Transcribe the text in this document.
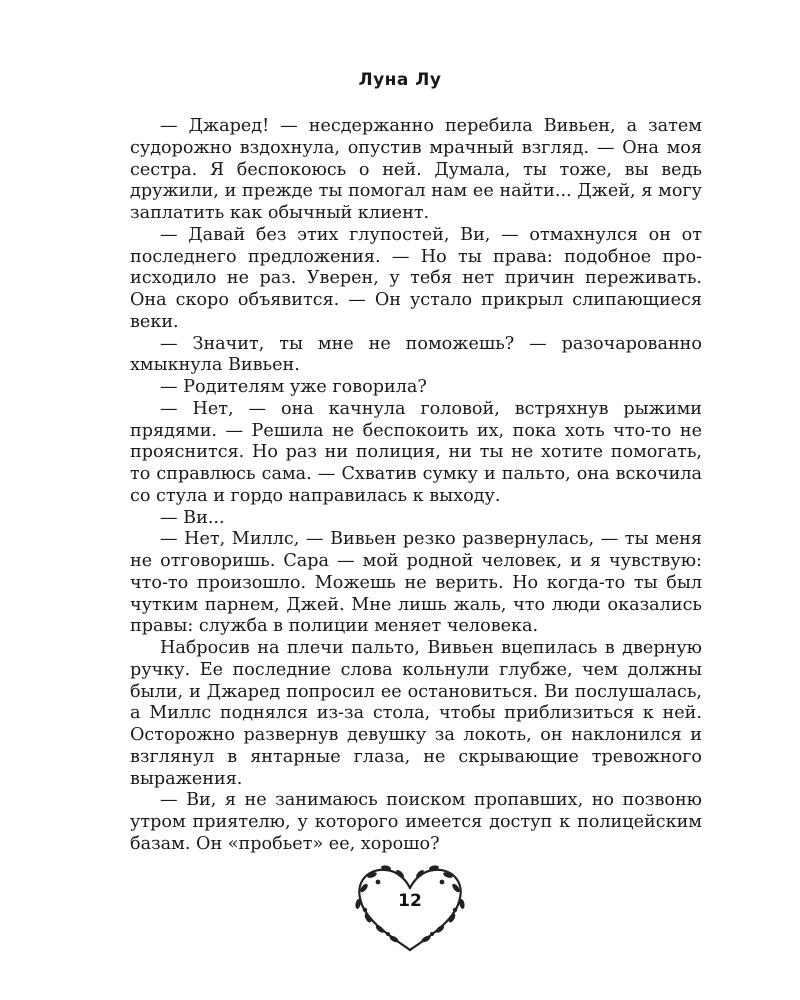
Луна Лу

— Джаред! — несдержанно перебила Вивьен, а затем судорожно вздохнула, опустив мрачный взгляд. — Она моя сестра. Я беспокоюсь о ней. Думала, ты тоже, вы ведь дружили, и прежде ты помогал нам ее найти... Джей, я могу заплатить как обычный клиент.

— Давай без этих глупостей, Ви, — отмахнулся он от последнего предложения. — Но ты права: подобное происходило не раз. Уверен, у тебя нет причин переживать. Она скоро объявится. — Он устало прикрыл слипающиеся веки.

— Значит, ты мне не поможешь? — разочарованно хмыкнула Вивьен.

— Родителям уже говорила?

— Нет, — она качнула головой, встряхнув рыжими прядями. — Решила не беспокоить их, пока хоть что-то не прояснится. Но раз ни полиция, ни ты не хотите помогать, то справлюсь сама. — Схватив сумку и пальто, она вскочила со стула и гордо направилась к выходу.

— Ви...

— Нет, Миллс, — Вивьен резко развернулась, — ты меня не отговоришь. Сара — мой родной человек, и я чувствую: что-то произошло. Можешь не верить. Но когда-то ты был чутким парнем, Джей. Мне лишь жаль, что люди оказались правы: служба в полиции меняет человека.

Набросив на плечи пальто, Вивьен вцепилась в дверную ручку. Ее последние слова кольнули глубже, чем должны были, и Джаред попросил ее остановиться. Ви послушалась, а Миллс поднялся из-за стола, чтобы приблизиться к ней. Осторожно развернув девушку за локоть, он наклонился и взглянул в янтарные глаза, не скрывающие тревожного выражения.

— Ви, я не занимаюсь поиском пропавших, но позвоню утром приятелю, у которого имеется доступ к полицейским базам. Он «пробьет» ее, хорошо?

12
